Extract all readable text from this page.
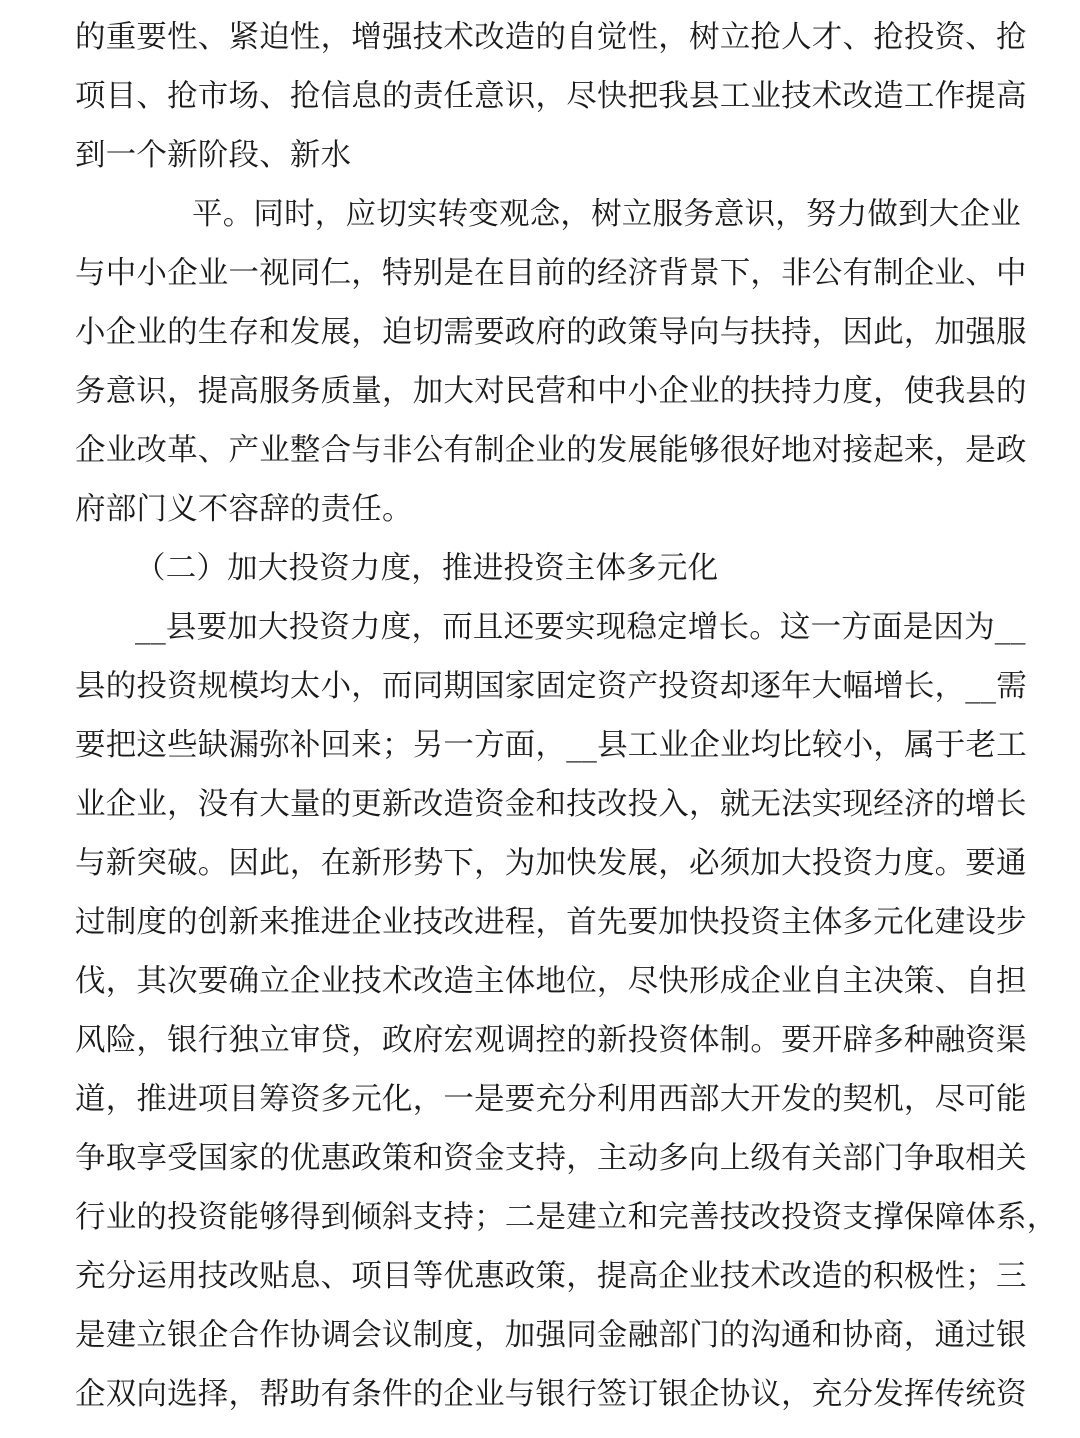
的重要性、紧迫性，增强技术改造的自觉性，树立抢人才、抢投资、抢
项目、抢市场、抢信息的责任意识，尽快把我县工业技术改造工作提高
到一个新阶段、新水
平。同时，应切实转变观念，树立服务意识，努力做到大企业
与中小企业一视同仁，特别是在目前的经济背景下，非公有制企业、中
小企业的生存和发展，迫切需要政府的政策导向与扶持，因此，加强服
务意识，提高服务质量，加大对民营和中小企业的扶持力度，使我县的
企业改革、产业整合与非公有制企业的发展能够很好地对接起来，是政
府部门义不容辞的责任。
（二）加大投资力度，推进投资主体多元化
__县要加大投资力度，而且还要实现稳定增长。这一方面是因为__
县的投资规模均太小，而同期国家固定资产投资却逐年大幅增长，__需
要把这些缺漏弥补回来；另一方面，__县工业企业均比较小，属于老工
业企业，没有大量的更新改造资金和技改投入，就无法实现经济的增长
与新突破。因此，在新形势下，为加快发展，必须加大投资力度。要通
过制度的创新来推进企业技改进程，首先要加快投资主体多元化建设步
伐，其次要确立企业技术改造主体地位，尽快形成企业自主决策、自担
风险，银行独立审贷，政府宏观调控的新投资体制。要开辟多种融资渠
道，推进项目筹资多元化，一是要充分利用西部大开发的契机，尽可能
争取享受国家的优惠政策和资金支持，主动多向上级有关部门争取相关
行业的投资能够得到倾斜支持；二是建立和完善技改投资支撑保障体系，
充分运用技改贴息、项目等优惠政策，提高企业技术改造的积极性；三
是建立银企合作协调会议制度，加强同金融部门的沟通和协商，通过银
企双向选择，帮助有条件的企业与银行签订银企协议，充分发挥传统资
